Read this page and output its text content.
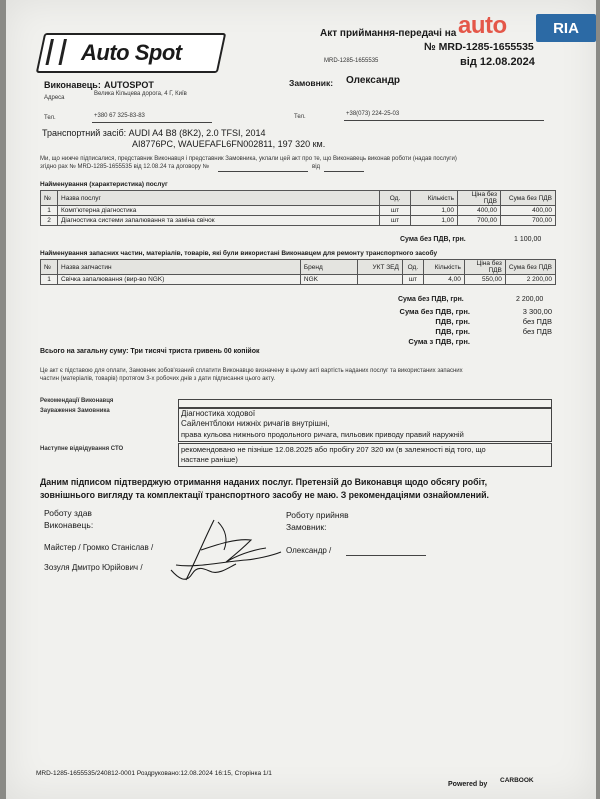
auto	RIA
Auto Spot
Акт приймання-передачі на
№ MRD-1285-1655535
MRD-1285-1655535	від 12.08.2024
Виконавець: AUTOSPOT
Адреса
Велика Кільцева дорога, 4 Г, Київ
Тел.	+380 67 325-83-83
Замовник: Олександр
Тел.	+38(073) 224-25-03
Транспортний засіб: AUDI A4 B8 (8K2), 2.0 TFSI, 2014
AI8776PC, WAUEFAFL6FN002811, 197 320 км.
Ми, що нижче підписалися, представник Виконавця і представник Замовника, уклали цей акт про те, що Виконавець виконав роботи (надав послуги)
згідно рах № MRD-1285-1655535 від 12.08.24 та договору №	від
Найменування (характеристика) послуг
№	Назва послуг	Од.	Кількість	Ціна без ПДВ	Сума без ПДВ
1	Комп'ютерна діагностика	шт	1,00	400,00	400,00
2	Діагностика системи запалювання та заміна свічок	шт	1,00	700,00	700,00
Сума без ПДВ, грн.	1 100,00
Найменування запасних частин, матеріалів, товарів, які були використані Виконавцем для ремонту транспортного засобу
№	Назва запчастин	Бренд	УКТ ЗЕД	Од.	Кількість	Ціна без ПДВ	Сума без ПДВ
1	Свічка запалювання (вир-во NGK)	NGK		шт	4,00	550,00	2 200,00
Сума без ПДВ, грн.	2 200,00
Сума без ПДВ, грн.	3 300,00
ПДВ, грн.	без ПДВ
ПДВ, грн.	без ПДВ
Сума з ПДВ, грн.
Всього на загальну суму: Три тисячі триста гривень 00 копійок
Це акт є підставою для оплати, Замовник зобов'язаний сплатити Виконавцю визначену в цьому акті вартість наданих послуг та використаних запасних
частин (матеріалів, товарів) протягом 3-х робочих днів з дати підписання цього акту.
Рекомендації Виконавця
Зауваження Замовника	Діагностика ходової
Сайлентблоки нижніх ричагів внутрішні,
права кульова нижнього продольного ричага, пильовик приводу правий наружній
Наступне відвідування СТО	рекомендовано не пізніше 12.08.2025 або пробігу 207 320 км (в залежності від того, що
настане раніше)
Даним підписом підтверджую отримання наданих послуг. Претензій до Виконавця щодо обсягу робіт,
зовнішнього вигляду та комплектації транспортного засобу не маю. З рекомендаціями ознайомлений.
Роботу здав
Виконавець:
Майстер / Громко Станіслав /
Зозуля Дмитро Юрійович /
Роботу прийняв
Замовник:
Олександр /
MRD-1285-1655535/240812-0001 Роздруковано:12.08.2024 16:15, Сторінка 1/1
Powered by
CARBOOK
